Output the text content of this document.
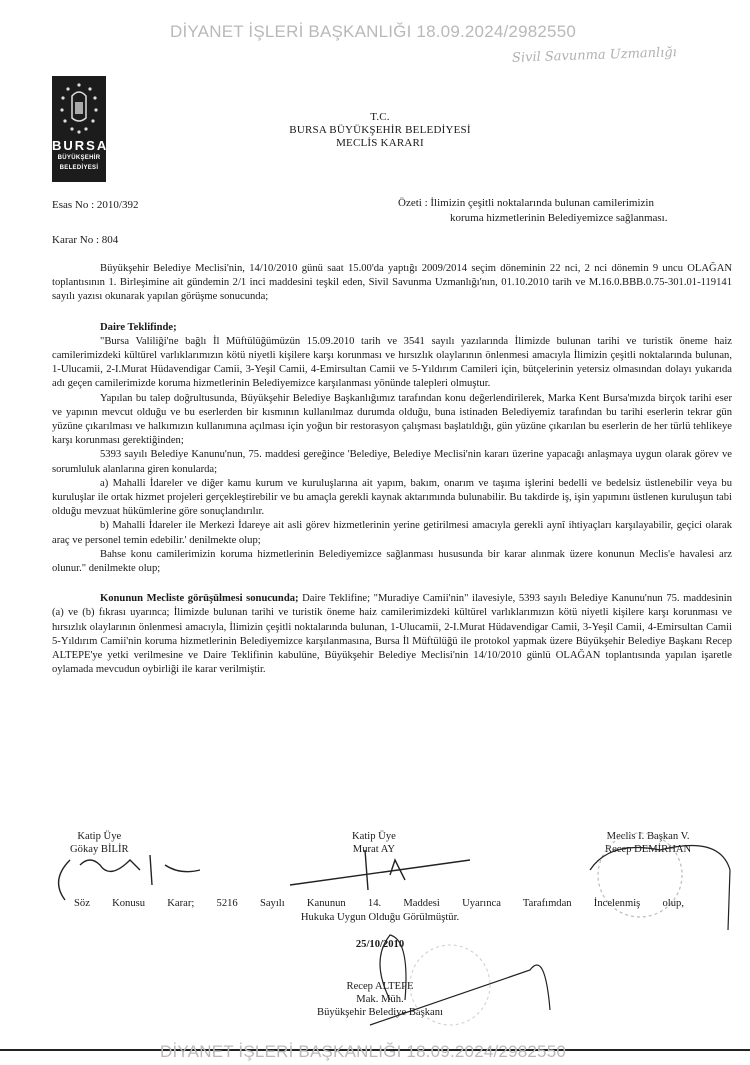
DİYANET İŞLERİ BAŞKANLIĞI 18.09.2024/2982550
Sivil Savunma Uzmanlığı
BURSA
BÜYÜKŞEHİR
BELEDİYESİ
T.C.
BURSA BÜYÜKŞEHİR BELEDİYESİ
MECLİS KARARI
Esas No : 2010/392
Karar No : 804
Özeti : İlimizin çeşitli noktalarında bulunan camilerimizin
koruma hizmetlerinin Belediyemizce sağlanması.

Büyükşehir Belediye Meclisi'nin, 14/10/2010 günü saat 15.00'da yaptığı 2009/2014 seçim döneminin 22 nci, 2 nci dönemin 9 uncu OLAĞAN toplantısının 1. Birleşimine ait gündemin 2/1 inci maddesini teşkil eden, Sivil Savunma Uzmanlığı'nın, 01.10.2010 tarih ve M.16.0.BBB.0.75-301.01-119141 sayılı yazısı okunarak yapılan görüşme sonucunda;

Daire Teklifinde;

"Bursa Valiliği'ne bağlı İl Müftülüğümüzün 15.09.2010 tarih ve 3541 sayılı yazılarında İlimizde bulunan tarihi ve turistik öneme haiz camilerimizdeki kültürel varlıklarımızın kötü niyetli kişilere karşı korunması ve hırsızlık olaylarının önlenmesi amacıyla İlimizin çeşitli noktalarında bulunan, 1-Ulucamii, 2-I.Murat Hüdavendigar Camii, 3-Yeşil Camii, 4-Emirsultan Camii ve 5-Yıldırım Camileri için, bütçelerinin yetersiz olmasından dolayı yukarıda adı geçen camilerimizde koruma hizmetlerinin Belediyemizce karşılanması yönünde talepleri olmuştur.

Yapılan bu talep doğrultusunda, Büyükşehir Belediye Başkanlığımız tarafından konu değerlendirilerek, Marka Kent Bursa'mızda birçok tarihi eser ve yapının mevcut olduğu ve bu eserlerden bir kısmının kullanılmaz durumda olduğu, buna istinaden Belediyemiz tarafından bu tarihi eserlerin tekrar gün yüzüne çıkarılması ve halkımızın kullanımına açılması için yoğun bir restorasyon çalışması başlatıldığı, gün yüzüne çıkarılan bu eserlerin de her türlü tehlikeye karşı korunması gerektiğinden;

5393 sayılı Belediye Kanunu'nun, 75. maddesi gereğince 'Belediye, Belediye Meclisi'nin kararı üzerine yapacağı anlaşmaya uygun olarak görev ve sorumluluk alanlarına giren konularda;

a) Mahalli İdareler ve diğer kamu kurum ve kuruluşlarına ait yapım, bakım, onarım ve taşıma işlerini bedelli ve bedelsiz üstlenebilir veya bu kuruluşlar ile ortak hizmet projeleri gerçekleştirebilir ve bu amaçla gerekli kaynak aktarımında bulunabilir. Bu takdirde iş, işin yapımını üstlenen kuruluşun tabi olduğu mevzuat hükümlerine göre sonuçlandırılır.

b) Mahalli İdareler ile Merkezi İdareye ait asli görev hizmetlerinin yerine getirilmesi amacıyla gerekli aynî ihtiyaçları karşılayabilir, geçici olarak araç ve personel temin edebilir.' denilmekte olup;

Bahse konu camilerimizin koruma hizmetlerinin Belediyemizce sağlanması hususunda bir karar alınmak üzere konunun Meclis'e havalesi arz olunur." denilmekte olup;

Konunun Mecliste görüşülmesi sonucunda; Daire Teklifine; "Muradiye Camii'nin" ilavesiyle, 5393 sayılı Belediye Kanunu'nun 75. maddesinin (a) ve (b) fıkrası uyarınca; İlimizde bulunan tarihi ve turistik öneme haiz camilerimizdeki kültürel varlıklarımızın kötü niyetli kişilere karşı korunması ve hırsızlık olaylarının önlenmesi amacıyla, İlimizin çeşitli noktalarında bulunan, 1-Ulucamii, 2-I.Murat Hüdavendigar Camii, 3-Yeşil Camii, 4-Emirsultan Camii 5-Yıldırım Camii'nin koruma hizmetlerinin Belediyemizce karşılanmasına, Bursa İl Müftülüğü ile protokol yapmak üzere Büyükşehir Belediye Başkanı Recep ALTEPE'ye yetki verilmesine ve Daire Teklifinin kabulüne, Büyükşehir Belediye Meclisi'nin 14/10/2010 günlü OLAĞAN toplantısında yapılan işaretle oylamada mevcudun oybirliği ile karar verilmiştir.

Katip Üye
Gökay BİLİR
Katip Üye
Murat AY
Meclis I. Başkan V.
Recep DEMİRHAN
Söz Konusu Karar; 5216 Sayılı Kanunun 14. Maddesi Uyarınca Tarafımdan İncelenmiş olup,
Hukuka Uygun Olduğu Görülmüştür.
25/10/2010
Recep ALTEPE
Mak. Müh.
Büyükşehir Belediye Başkanı
DİYANET İŞLERİ BAŞKANLIĞI 18.09.2024/2982550
